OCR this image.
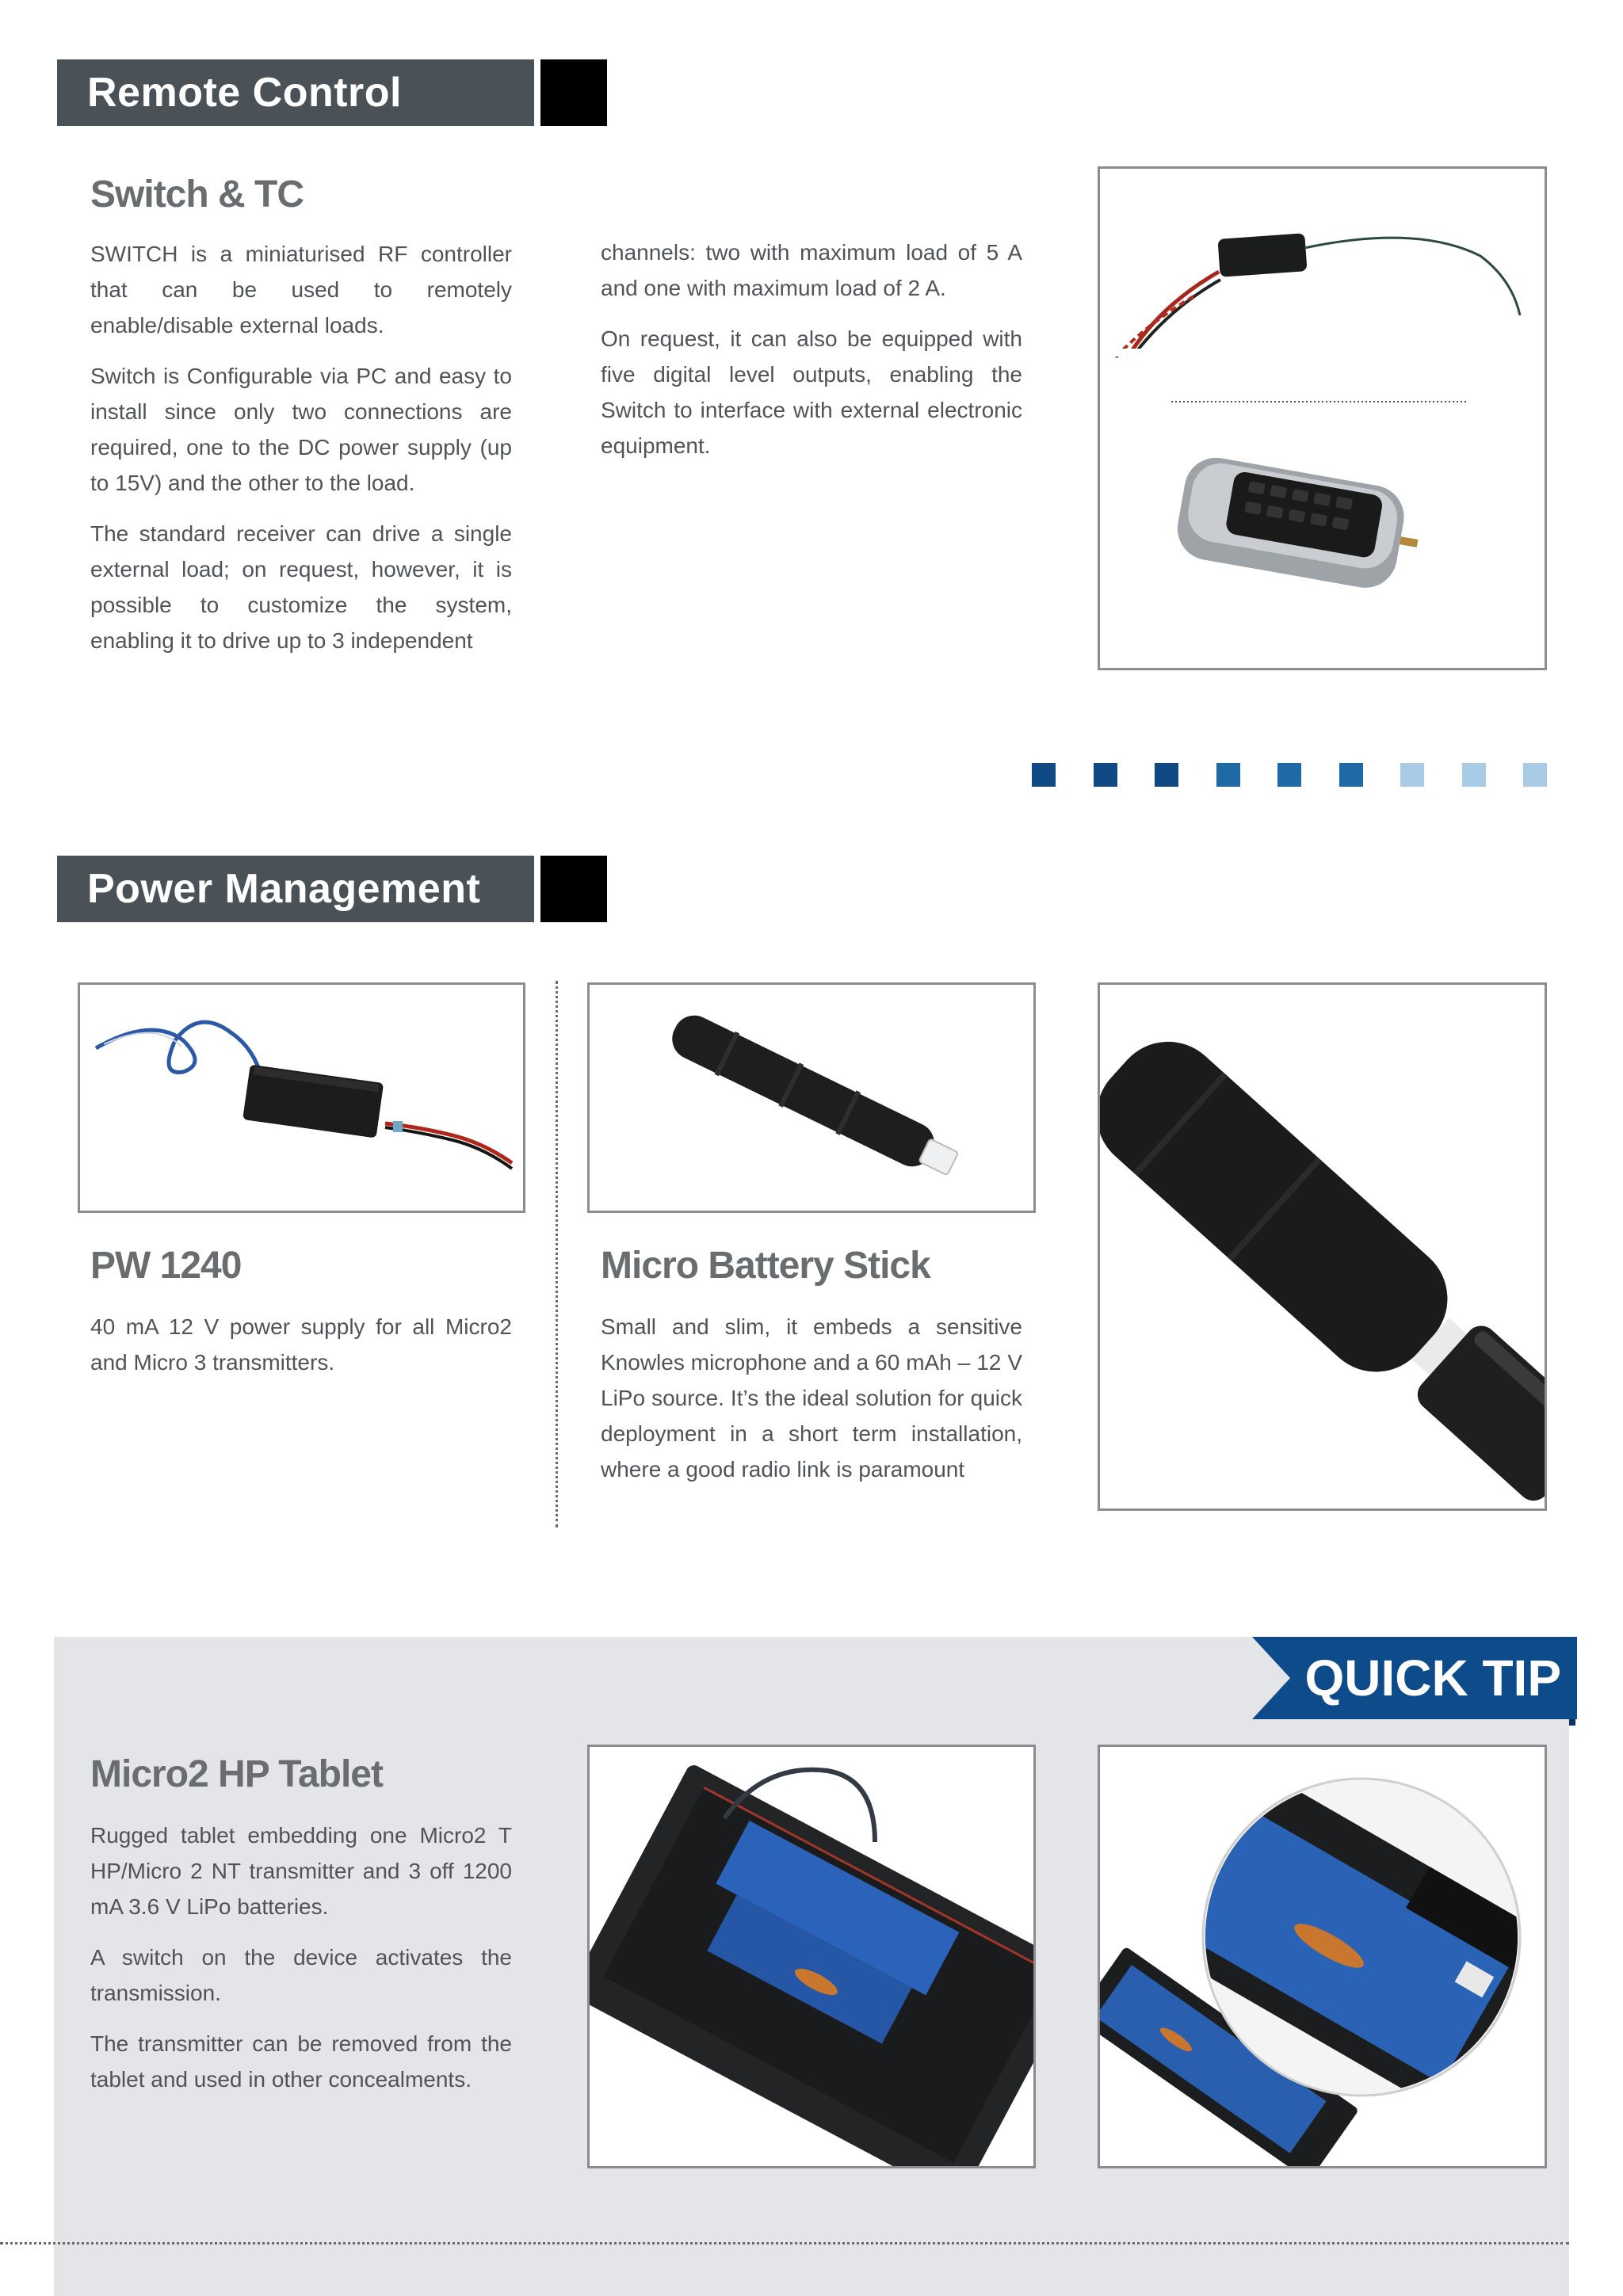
Remote Control
Switch & TC

SWITCH is a miniaturised RF controller that can be used to remotely enable/disable external loads.

Switch is Configurable via PC and easy to install since only two connections are required, one to the DC power supply (up to 15V) and the other to the load.

The standard receiver can drive a single external load; on request, however, it is possible to customize the system, enabling it to drive up to 3 independent

channels: two with maximum load of 5 A and one with maximum load of 2 A.

On request, it can also be equipped with five digital level outputs, enabling the Switch to interface with external electronic equipment.

Power Management
PW 1240

40 mA 12 V power supply for all Micro2 and Micro 3 transmitters.

Micro Battery Stick

Small and slim, it embeds a sensitive Knowles microphone and a 60 mAh – 12 V LiPo source. It’s the ideal solution for quick deployment in a short term installation, where a good radio link is paramount

QUICK TIP
Micro2 HP Tablet

Rugged tablet embedding one Micro2 T HP/Micro 2 NT transmitter and 3 off 1200 mA 3.6 V LiPo batteries.

A switch on the device activates the transmission.

The transmitter can be removed from the tablet and used in other concealments.
